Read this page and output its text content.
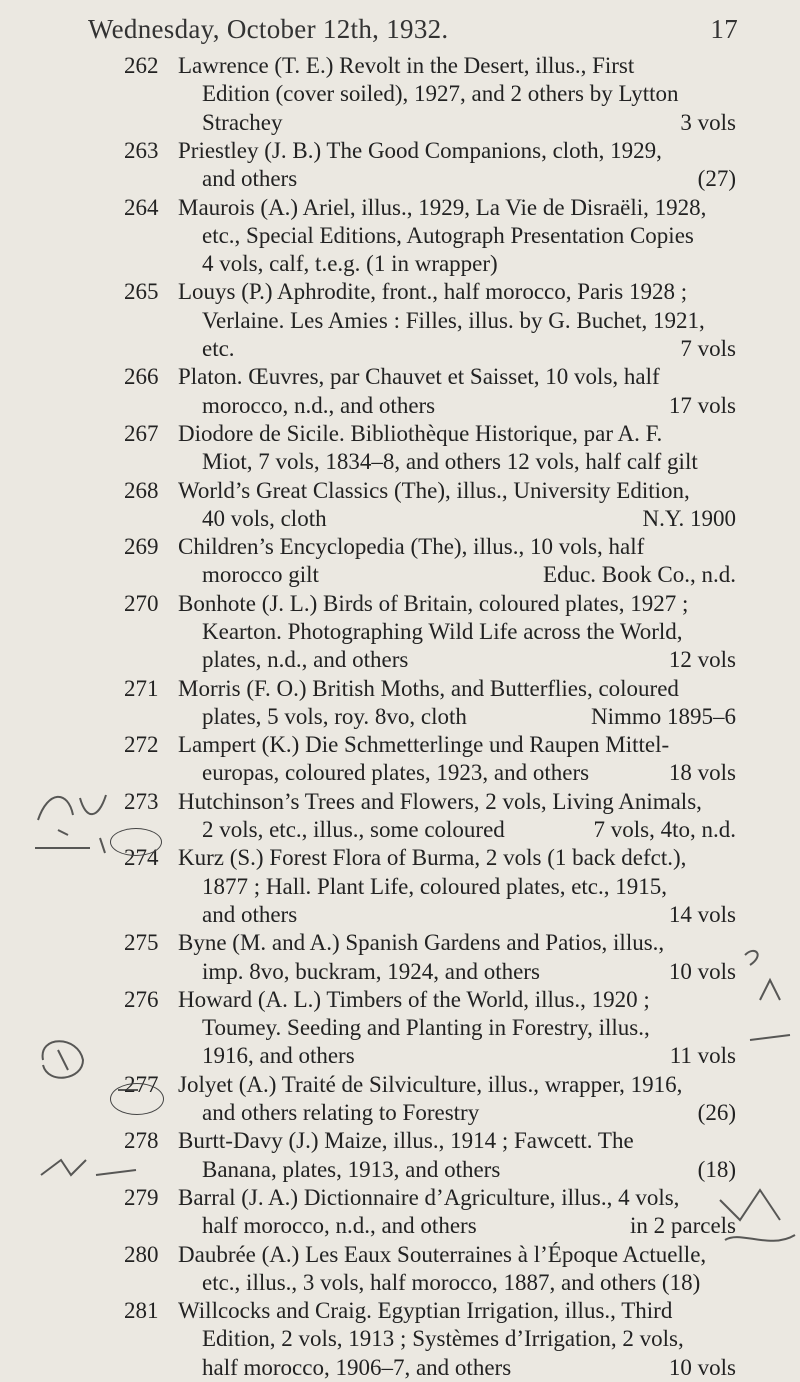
Wednesday, October 12th, 1932.	17
262 Lawrence (T. E.) Revolt in the Desert, illus., First
Edition (cover soiled), 1927, and 2 others by Lytton
Strachey	3 vols
263 Priestley (J. B.) The Good Companions, cloth, 1929,
and others	(27)
264 Maurois (A.) Ariel, illus., 1929, La Vie de Disraëli, 1928,
etc., Special Editions, Autograph Presentation Copies
4 vols, calf, t.e.g. (1 in wrapper)
265 Louys (P.) Aphrodite, front., half morocco, Paris 1928 ;
Verlaine. Les Amies : Filles, illus. by G. Buchet, 1921,
etc.	7 vols
266 Platon. Œuvres, par Chauvet et Saisset, 10 vols, half
morocco, n.d., and others	17 vols
267 Diodore de Sicile. Bibliothèque Historique, par A. F.
Miot, 7 vols, 1834–8, and others 12 vols, half calf gilt
268 World’s Great Classics (The), illus., University Edition,
40 vols, cloth	N.Y. 1900
269 Children’s Encyclopedia (The), illus., 10 vols, half
morocco gilt	Educ. Book Co., n.d.
270 Bonhote (J. L.) Birds of Britain, coloured plates, 1927 ;
Kearton. Photographing Wild Life across the World,
plates, n.d., and others	12 vols
271 Morris (F. O.) British Moths, and Butterflies, coloured
plates, 5 vols, roy. 8vo, cloth	Nimmo 1895–6
272 Lampert (K.) Die Schmetterlinge und Raupen Mittel-
europas, coloured plates, 1923, and others	18 vols
273 Hutchinson’s Trees and Flowers, 2 vols, Living Animals,
2 vols, etc., illus., some coloured	7 vols, 4to, n.d.
274 Kurz (S.) Forest Flora of Burma, 2 vols (1 back defct.),
1877 ; Hall. Plant Life, coloured plates, etc., 1915,
and others	14 vols
275 Byne (M. and A.) Spanish Gardens and Patios, illus.,
imp. 8vo, buckram, 1924, and others	10 vols
276 Howard (A. L.) Timbers of the World, illus., 1920 ;
Toumey. Seeding and Planting in Forestry, illus.,
1916, and others	11 vols
277 Jolyet (A.) Traité de Silviculture, illus., wrapper, 1916,
and others relating to Forestry	(26)
278 Burtt-Davy (J.) Maize, illus., 1914 ; Fawcett. The
Banana, plates, 1913, and others	(18)
279 Barral (J. A.) Dictionnaire d’Agriculture, illus., 4 vols,
half morocco, n.d., and others	in 2 parcels
280 Daubrée (A.) Les Eaux Souterraines à l’Époque Actuelle,
etc., illus., 3 vols, half morocco, 1887, and others (18)
281 Willcocks and Craig. Egyptian Irrigation, illus., Third
Edition, 2 vols, 1913 ; Systèmes d’Irrigation, 2 vols,
half morocco, 1906–7, and others	10 vols
